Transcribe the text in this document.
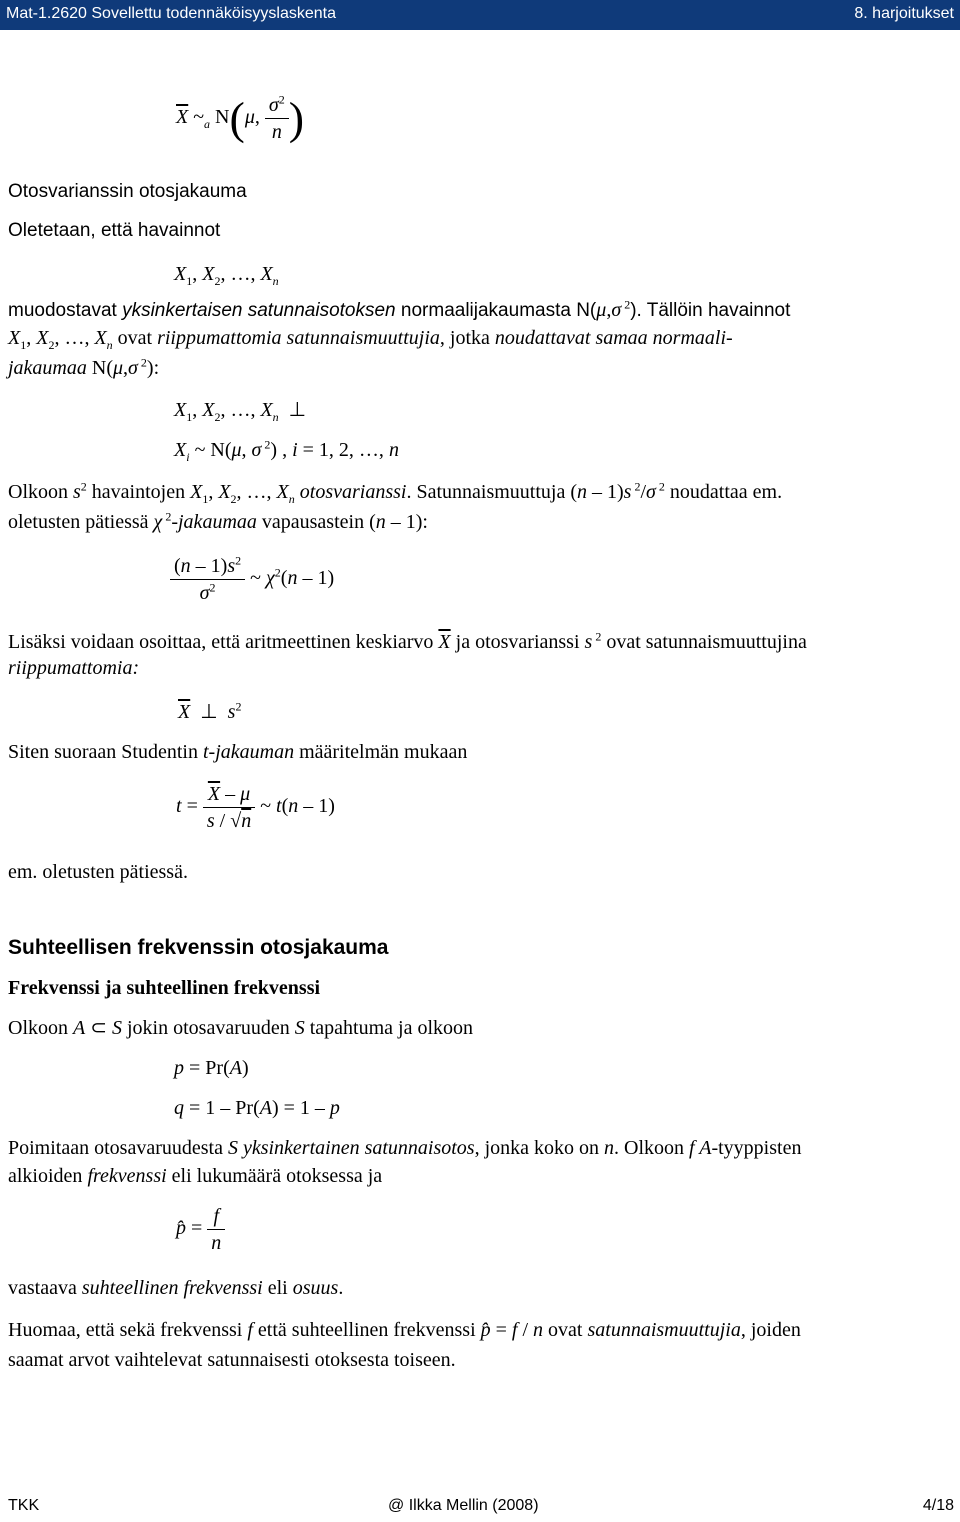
Mat-1.2620 Sovellettu todennäköisyyslaskenta	8. harjoitukset
$\overline{X}$ $\sim_a$ N(μ, $\frac{\sigma^2}{n}$ )
Otosvarianssin otosjakauma
Oletetaan, että havainnot
$X_1$, $X_2$, …, $X_n$
muodostavat yksinkertaisen satunnaisotoksen normaalijakaumasta N(μ,σ $^2$). Tällöin havainnot
$X_1$, $X_2$, …, $X_n$ ovat riippumattomia satunnaismuuttujia, jotka noudattavat samaa normaali-
jakaumaa N(μ,σ $^2$):
$X_1$, $X_2$, …, $X_n$  ⊥
$X_i$ ~ N(μ, σ $^2$) , i = 1, 2, …, n
Olkoon $s^2$ havaintojen $X_1$, $X_2$, …, $X_n$ otosvarianssi. Satunnaismuuttuja (n – 1)s $^2$/σ $^2$ noudattaa em.
oletusten pätiessä χ $^2$-jakaumaa vapausastein (n – 1):
$\frac{(n - 1)s^2}{\sigma^2}$ ~ $\chi^2(n - 1)$
Lisäksi voidaan osoittaa, että aritmeettinen keskiarvo $\overline{X}$ ja otosvarianssi s $^2$ ovat satunnaismuuttujina
riippumattomia:
$\overline{X}$  ⊥  $s^2$
Siten suoraan Studentin t-jakauman määritelmän mukaan
$t = \frac{\overline{X} - \mu}{s / √n}$ ~ t(n – 1)
em. oletusten pätiessä.
Suhteellisen frekvenssin otosjakauma
Frekvenssi ja suhteellinen frekvenssi
Olkoon A ⊂ S jokin otosavaruuden S tapahtuma ja olkoon
p = Pr(A)
q = 1 – Pr(A) = 1 – p
Poimitaan otosavaruudesta S yksinkertainen satunnaisotos, jonka koko on n. Olkoon f A-tyyppisten
alkioiden frekvenssi eli lukumäärä otoksessa ja
p̂ = $\frac{f}{n}$
vastaava suhteellinen frekvenssi eli osuus.
Huomaa, että sekä frekvenssi f että suhteellinen frekvenssi p̂ = f / n ovat satunnaismuuttujia, joiden
saamat arvot vaihtelevat satunnaisesti otoksesta toiseen.
TKK	@ Ilkka Mellin (2008)	4/18
